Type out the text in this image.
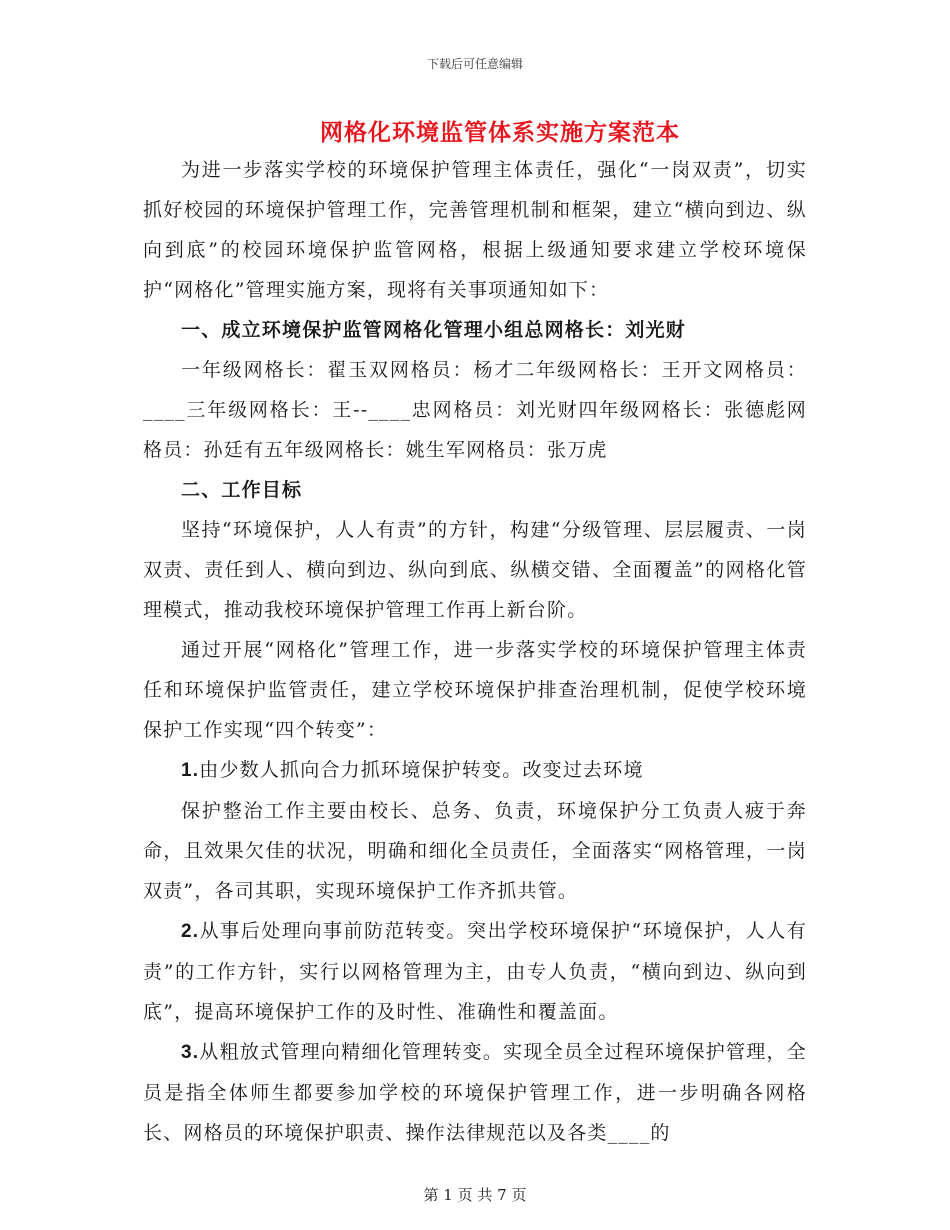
下载后可任意编辑
网格化环境监管体系实施方案范本

为进一步落实学校的环境保护管理主体责任，强化“一岗双责”，切实抓好校园的环境保护管理工作，完善管理机制和框架，建立“横向到边、纵向到底”的校园环境保护监管网格，根据上级通知要求建立学校环境保护“网格化”管理实施方案，现将有关事项通知如下：

一、成立环境保护监管网格化管理小组总网格长：刘光财

一年级网格长：翟玉双网格员：杨才二年级网格长：王开文网格员：____三年级网格长：王--____忠网格员：刘光财四年级网格长：张德彪网格员：孙廷有五年级网格长：姚生军网格员：张万虎

二、工作目标

坚持“环境保护，人人有责”的方针，构建“分级管理、层层履责、一岗双责、责任到人、横向到边、纵向到底、纵横交错、全面覆盖”的网格化管理模式，推动我校环境保护管理工作再上新台阶。

通过开展“网格化”管理工作，进一步落实学校的环境保护管理主体责任和环境保护监管责任，建立学校环境保护排查治理机制，促使学校环境保护工作实现“四个转变”：

1.由少数人抓向合力抓环境保护转变。改变过去环境

保护整治工作主要由校长、总务、负责，环境保护分工负责人疲于奔命，且效果欠佳的状况，明确和细化全员责任，全面落实“网格管理，一岗双责”，各司其职，实现环境保护工作齐抓共管。

2.从事后处理向事前防范转变。突出学校环境保护“环境保护，人人有责”的工作方针，实行以网格管理为主，由专人负责，“横向到边、纵向到底”，提高环境保护工作的及时性、准确性和覆盖面。

3.从粗放式管理向精细化管理转变。实现全员全过程环境保护管理，全员是指全体师生都要参加学校的环境保护管理工作，进一步明确各网格长、网格员的环境保护职责、操作法律规范以及各类____的

第 1 页 共 7 页
